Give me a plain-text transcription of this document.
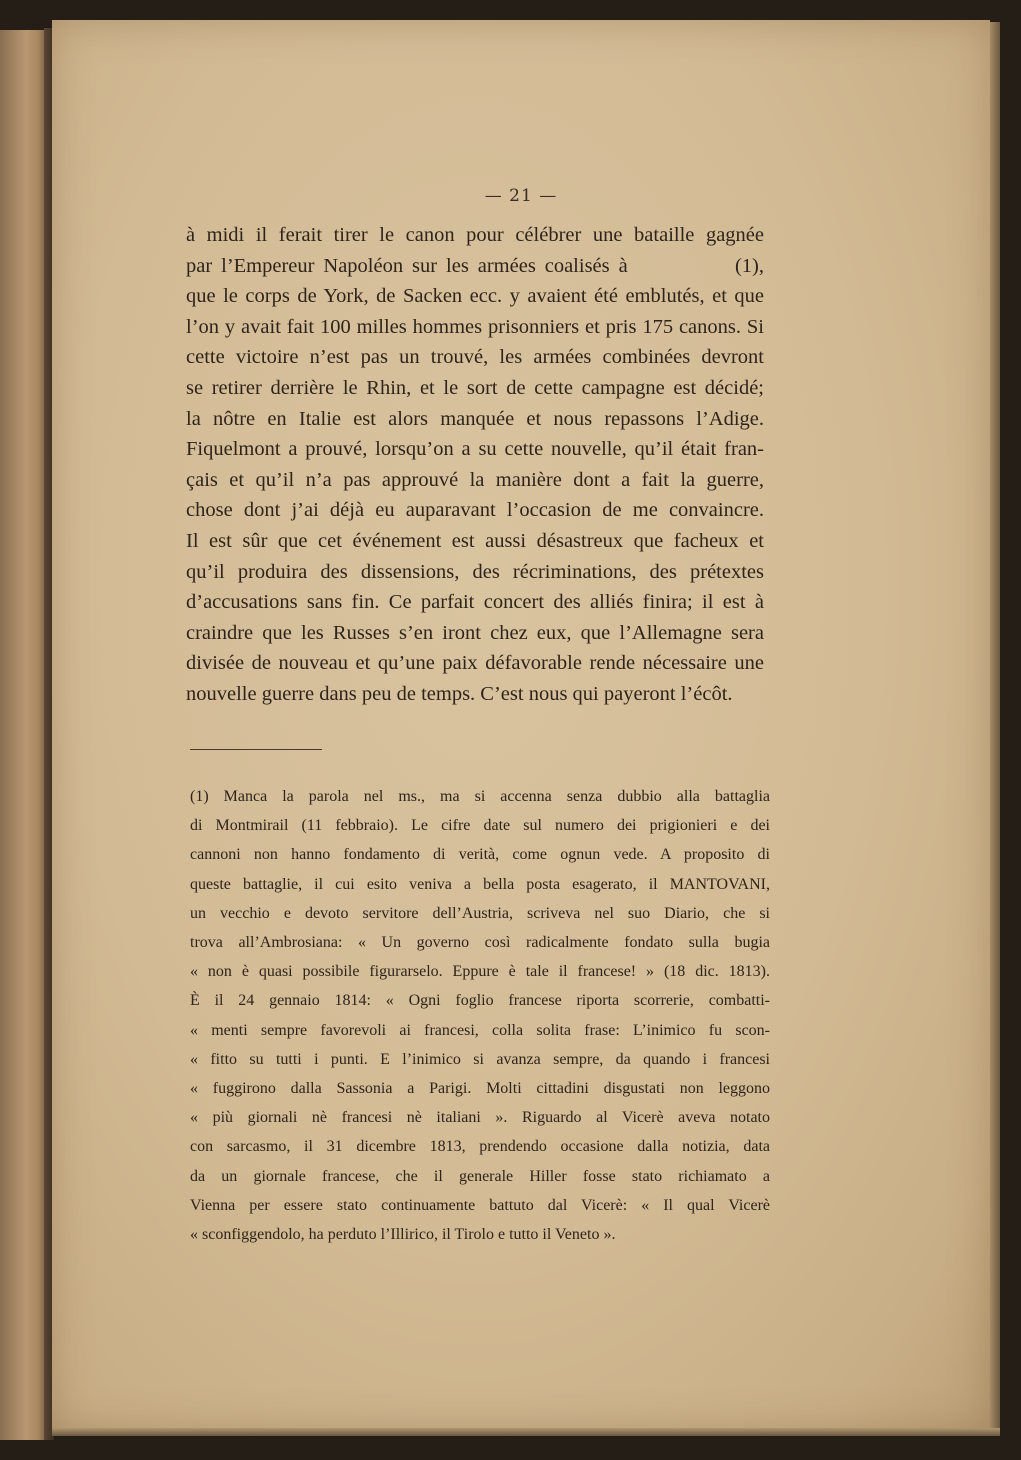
— 21 —
à midi il ferait tirer le canon pour célébrer une bataille gagnée
par l’Empereur Napoléon sur les armées coalisés à            (1),
que le corps de York, de Sacken ecc. y avaient été emblutés, et que
l’on y avait fait 100 milles hommes prisonniers et pris 175 canons. Si
cette victoire n’est pas un trouvé, les armées combinées devront
se retirer derrière le Rhin, et le sort de cette campagne est décidé;
la nôtre en Italie est alors manquée et nous repassons l’Adige.
Fiquelmont a prouvé, lorsqu’on a su cette nouvelle, qu’il était fran-
çais et qu’il n’a pas approuvé la manière dont a fait la guerre,
chose dont j’ai déjà eu auparavant l’occasion de me convaincre.
Il est sûr que cet événement est aussi désastreux que facheux et
qu’il produira des dissensions, des récriminations, des prétextes
d’accusations sans fin. Ce parfait concert des alliés finira; il est à
craindre que les Russes s’en iront chez eux, que l’Allemagne sera
divisée de nouveau et qu’une paix défavorable rende nécessaire une
nouvelle guerre dans peu de temps. C’est nous qui payeront l’écôt.
(1) Manca la parola nel ms., ma si accenna senza dubbio alla battaglia
di Montmirail (11 febbraio). Le cifre date sul numero dei prigionieri e dei
cannoni non hanno fondamento di verità, come ognun vede. A proposito di
queste battaglie, il cui esito veniva a bella posta esagerato, il MANTOVANI,
un vecchio e devoto servitore dell’Austria, scriveva nel suo Diario, che si
trova all’Ambrosiana: « Un governo così radicalmente fondato sulla bugia
« non è quasi possibile figurarselo. Eppure è tale il francese! » (18 dic. 1813).
È il 24 gennaio 1814: « Ogni foglio francese riporta scorrerie, combatti-
« menti sempre favorevoli ai francesi, colla solita frase: L’inimico fu scon-
« fitto su tutti i punti. E l’inimico si avanza sempre, da quando i francesi
« fuggirono dalla Sassonia a Parigi. Molti cittadini disgustati non leggono
« più giornali nè francesi nè italiani ». Riguardo al Vicerè aveva notato
con sarcasmo, il 31 dicembre 1813, prendendo occasione dalla notizia, data
da un giornale francese, che il generale Hiller fosse stato richiamato a
Vienna per essere stato continuamente battuto dal Vicerè: « Il qual Vicerè
« sconfiggendolo, ha perduto l’Illirico, il Tirolo e tutto il Veneto ».
